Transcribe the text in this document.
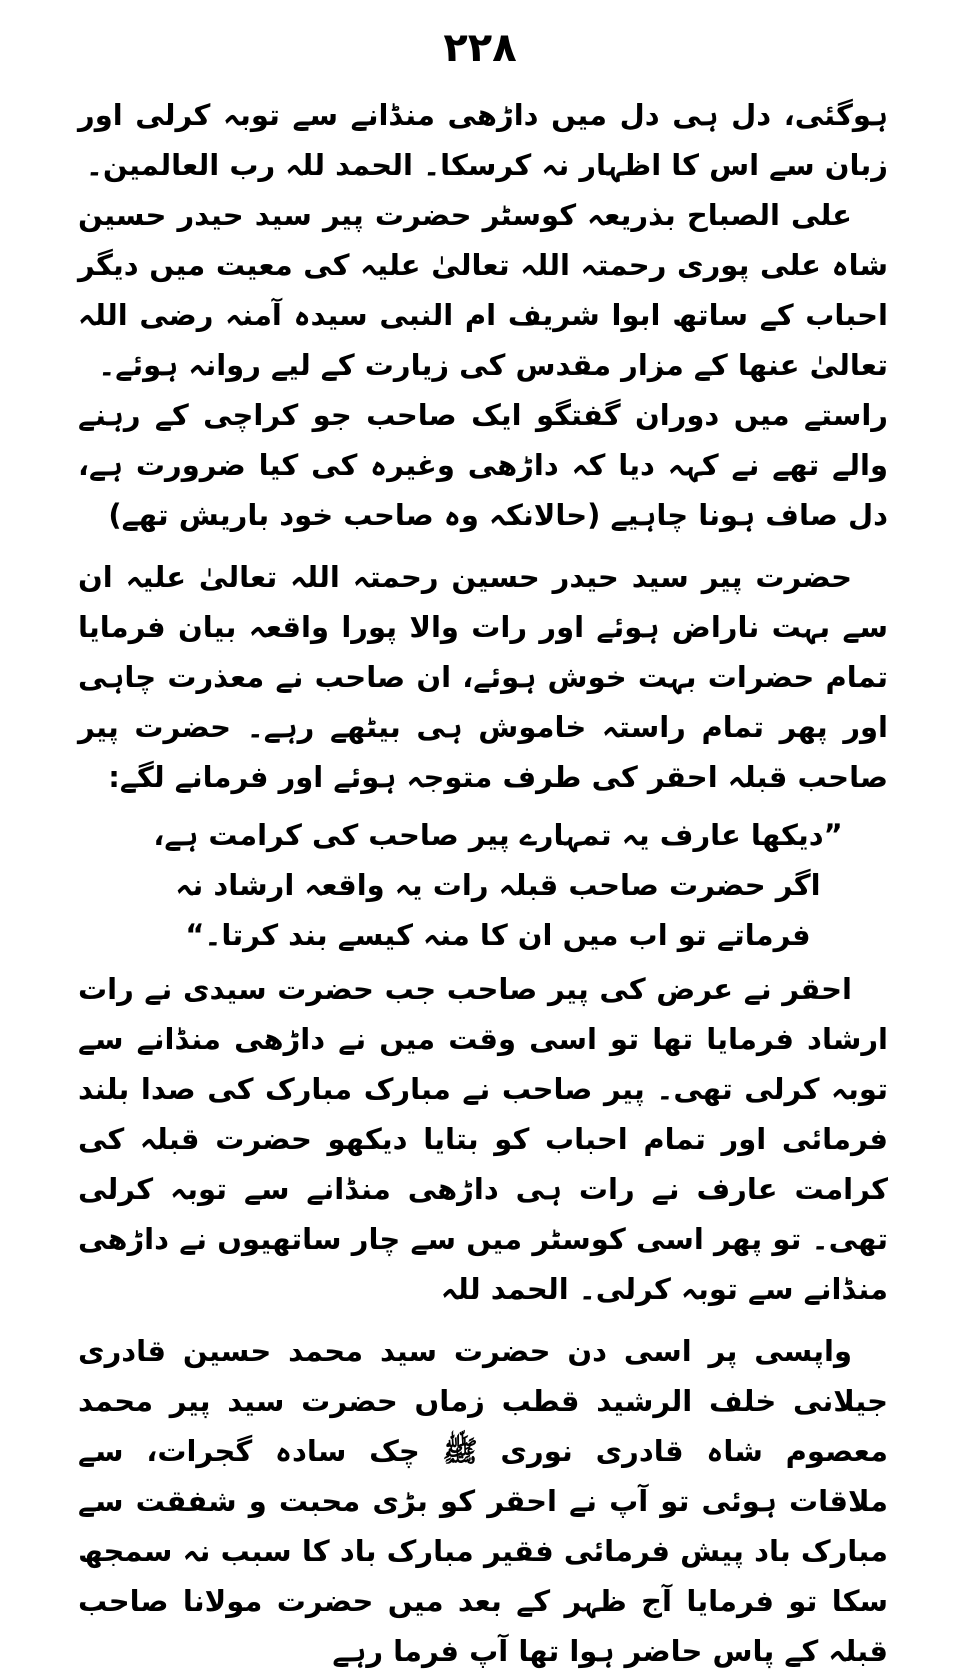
۲۲۸

ہوگئی، دل ہی دل میں داڑھی منڈانے سے توبہ کرلی اور زبان سے اس کا اظہار نہ کرسکا۔ الحمد للہ رب العالمین۔

علی الصباح بذریعہ کوسٹر حضرت پیر سید حیدر حسین شاہ علی پوری رحمتہ اللہ تعالیٰ علیہ کی معیت میں دیگر احباب کے ساتھ ابوا شریف ام النبی سیدہ آمنہ رضی اللہ تعالیٰ عنھا کے مزار مقدس کی زیارت کے لیے روانہ ہوئے۔

راستے میں دوران گفتگو ایک صاحب جو کراچی کے رہنے والے تھے نے کہہ دیا کہ داڑھی وغیرہ کی کیا ضرورت ہے، دل صاف ہونا چاہیے (حالانکہ وہ صاحب خود باریش تھے)

حضرت پیر سید حیدر حسین رحمتہ اللہ تعالیٰ علیہ ان سے بہت ناراض ہوئے اور رات والا پورا واقعہ بیان فرمایا تمام حضرات بہت خوش ہوئے، ان صاحب نے معذرت چاہی اور پھر تمام راستہ خاموش ہی بیٹھے رہے۔ حضرت پیر صاحب قبلہ احقر کی طرف متوجہ ہوئے اور فرمانے لگے:

”دیکھا عارف یہ تمہارے پیر صاحب کی کرامت ہے، اگر حضرت صاحب قبلہ رات یہ واقعہ ارشاد نہ فرماتے تو اب میں ان کا منہ کیسے بند کرتا۔“

احقر نے عرض کی پیر صاحب جب حضرت سیدی نے رات ارشاد فرمایا تھا تو اسی وقت میں نے داڑھی منڈانے سے توبہ کرلی تھی۔ پیر صاحب نے مبارک مبارک کی صدا بلند فرمائی اور تمام احباب کو بتایا دیکھو حضرت قبلہ کی کرامت عارف نے رات ہی داڑھی منڈانے سے توبہ کرلی تھی۔ تو پھر اسی کوسٹر میں سے چار ساتھیوں نے داڑھی منڈانے سے توبہ کرلی۔ الحمد للہ

واپسی پر اسی دن حضرت سید محمد حسین قادری جیلانی خلف الرشید قطب زماں حضرت سید پیر محمد معصوم شاہ قادری نوری ﷺ چک سادہ گجرات، سے ملاقات ہوئی تو آپ نے احقر کو بڑی محبت و شفقت سے مبارک باد پیش فرمائی فقیر مبارک باد کا سبب نہ سمجھ سکا تو فرمایا آج ظہر کے بعد میں حضرت مولانا صاحب قبلہ کے پاس حاضر ہوا تھا آپ فرما رہے
